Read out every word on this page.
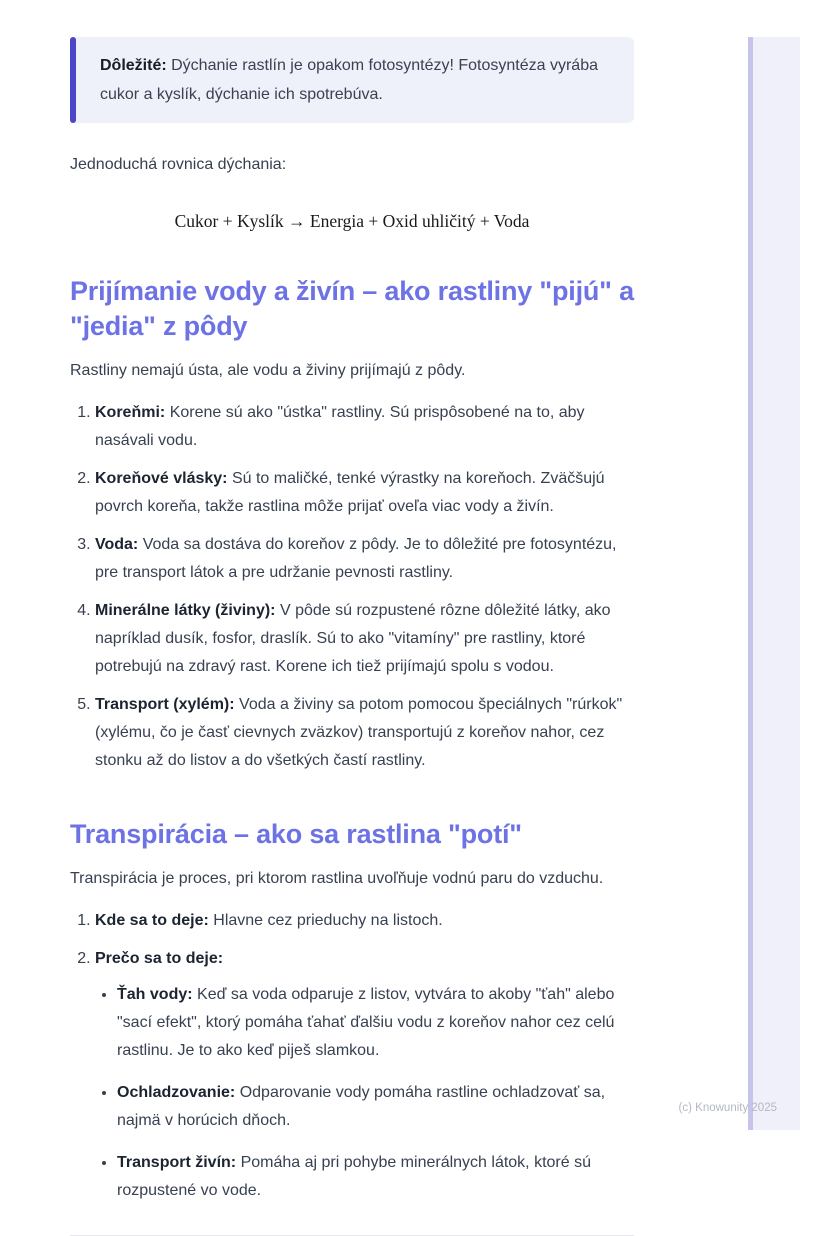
Dôležité: Dýchanie rastlín je opakom fotosyntézy! Fotosyntéza vyrába cukor a kyslík, dýchanie ich spotrebúva.

Jednoduchá rovnica dýchania:

Cukor + Kyslík → Energia + Oxid uhličitý + Voda
Prijímanie vody a živín – ako rastliny "pijú" a "jedia" z pôdy

Rastliny nemajú ústa, ale vodu a živiny prijímajú z pôdy.

1. Koreňmi: Korene sú ako "ústka" rastliny. Sú prispôsobené na to, aby nasávali vodu.
2. Koreňové vlásky: Sú to maličké, tenké výrastky na koreňoch. Zväčšujú povrch koreňa, takže rastlina môže prijať oveľa viac vody a živín.
3. Voda: Voda sa dostáva do koreňov z pôdy. Je to dôležité pre fotosyntézu, pre transport látok a pre udržanie pevnosti rastliny.
4. Minerálne látky (živiny): V pôde sú rozpustené rôzne dôležité látky, ako napríklad dusík, fosfor, draslík. Sú to ako "vitamíny" pre rastliny, ktoré potrebujú na zdravý rast. Korene ich tiež prijímajú spolu s vodou.
5. Transport (xylém): Voda a živiny sa potom pomocou špeciálnych "rúrkok" (xylému, čo je časť cievnych zväzkov) transportujú z koreňov nahor, cez stonku až do listov a do všetkých častí rastliny.
Transpirácia – ako sa rastlina "potí"

Transpirácia je proces, pri ktorom rastlina uvoľňuje vodnú paru do vzduchu.

1. Kde sa to deje: Hlavne cez prieduchy na listoch.
2. Prečo sa to deje:
• Ťah vody: Keď sa voda odparuje z listov, vytvára to akoby "ťah" alebo "sací efekt", ktorý pomáha ťahať ďalšiu vodu z koreňov nahor cez celú rastlinu. Je to ako keď piješ slamkou.
• Ochladzovanie: Odparovanie vody pomáha rastline ochladzovať sa, najmä v horúcich dňoch.
• Transport živín: Pomáha aj pri pohybe minerálnych látok, ktoré sú rozpustené vo vode.
(c) Knowunity 2025
